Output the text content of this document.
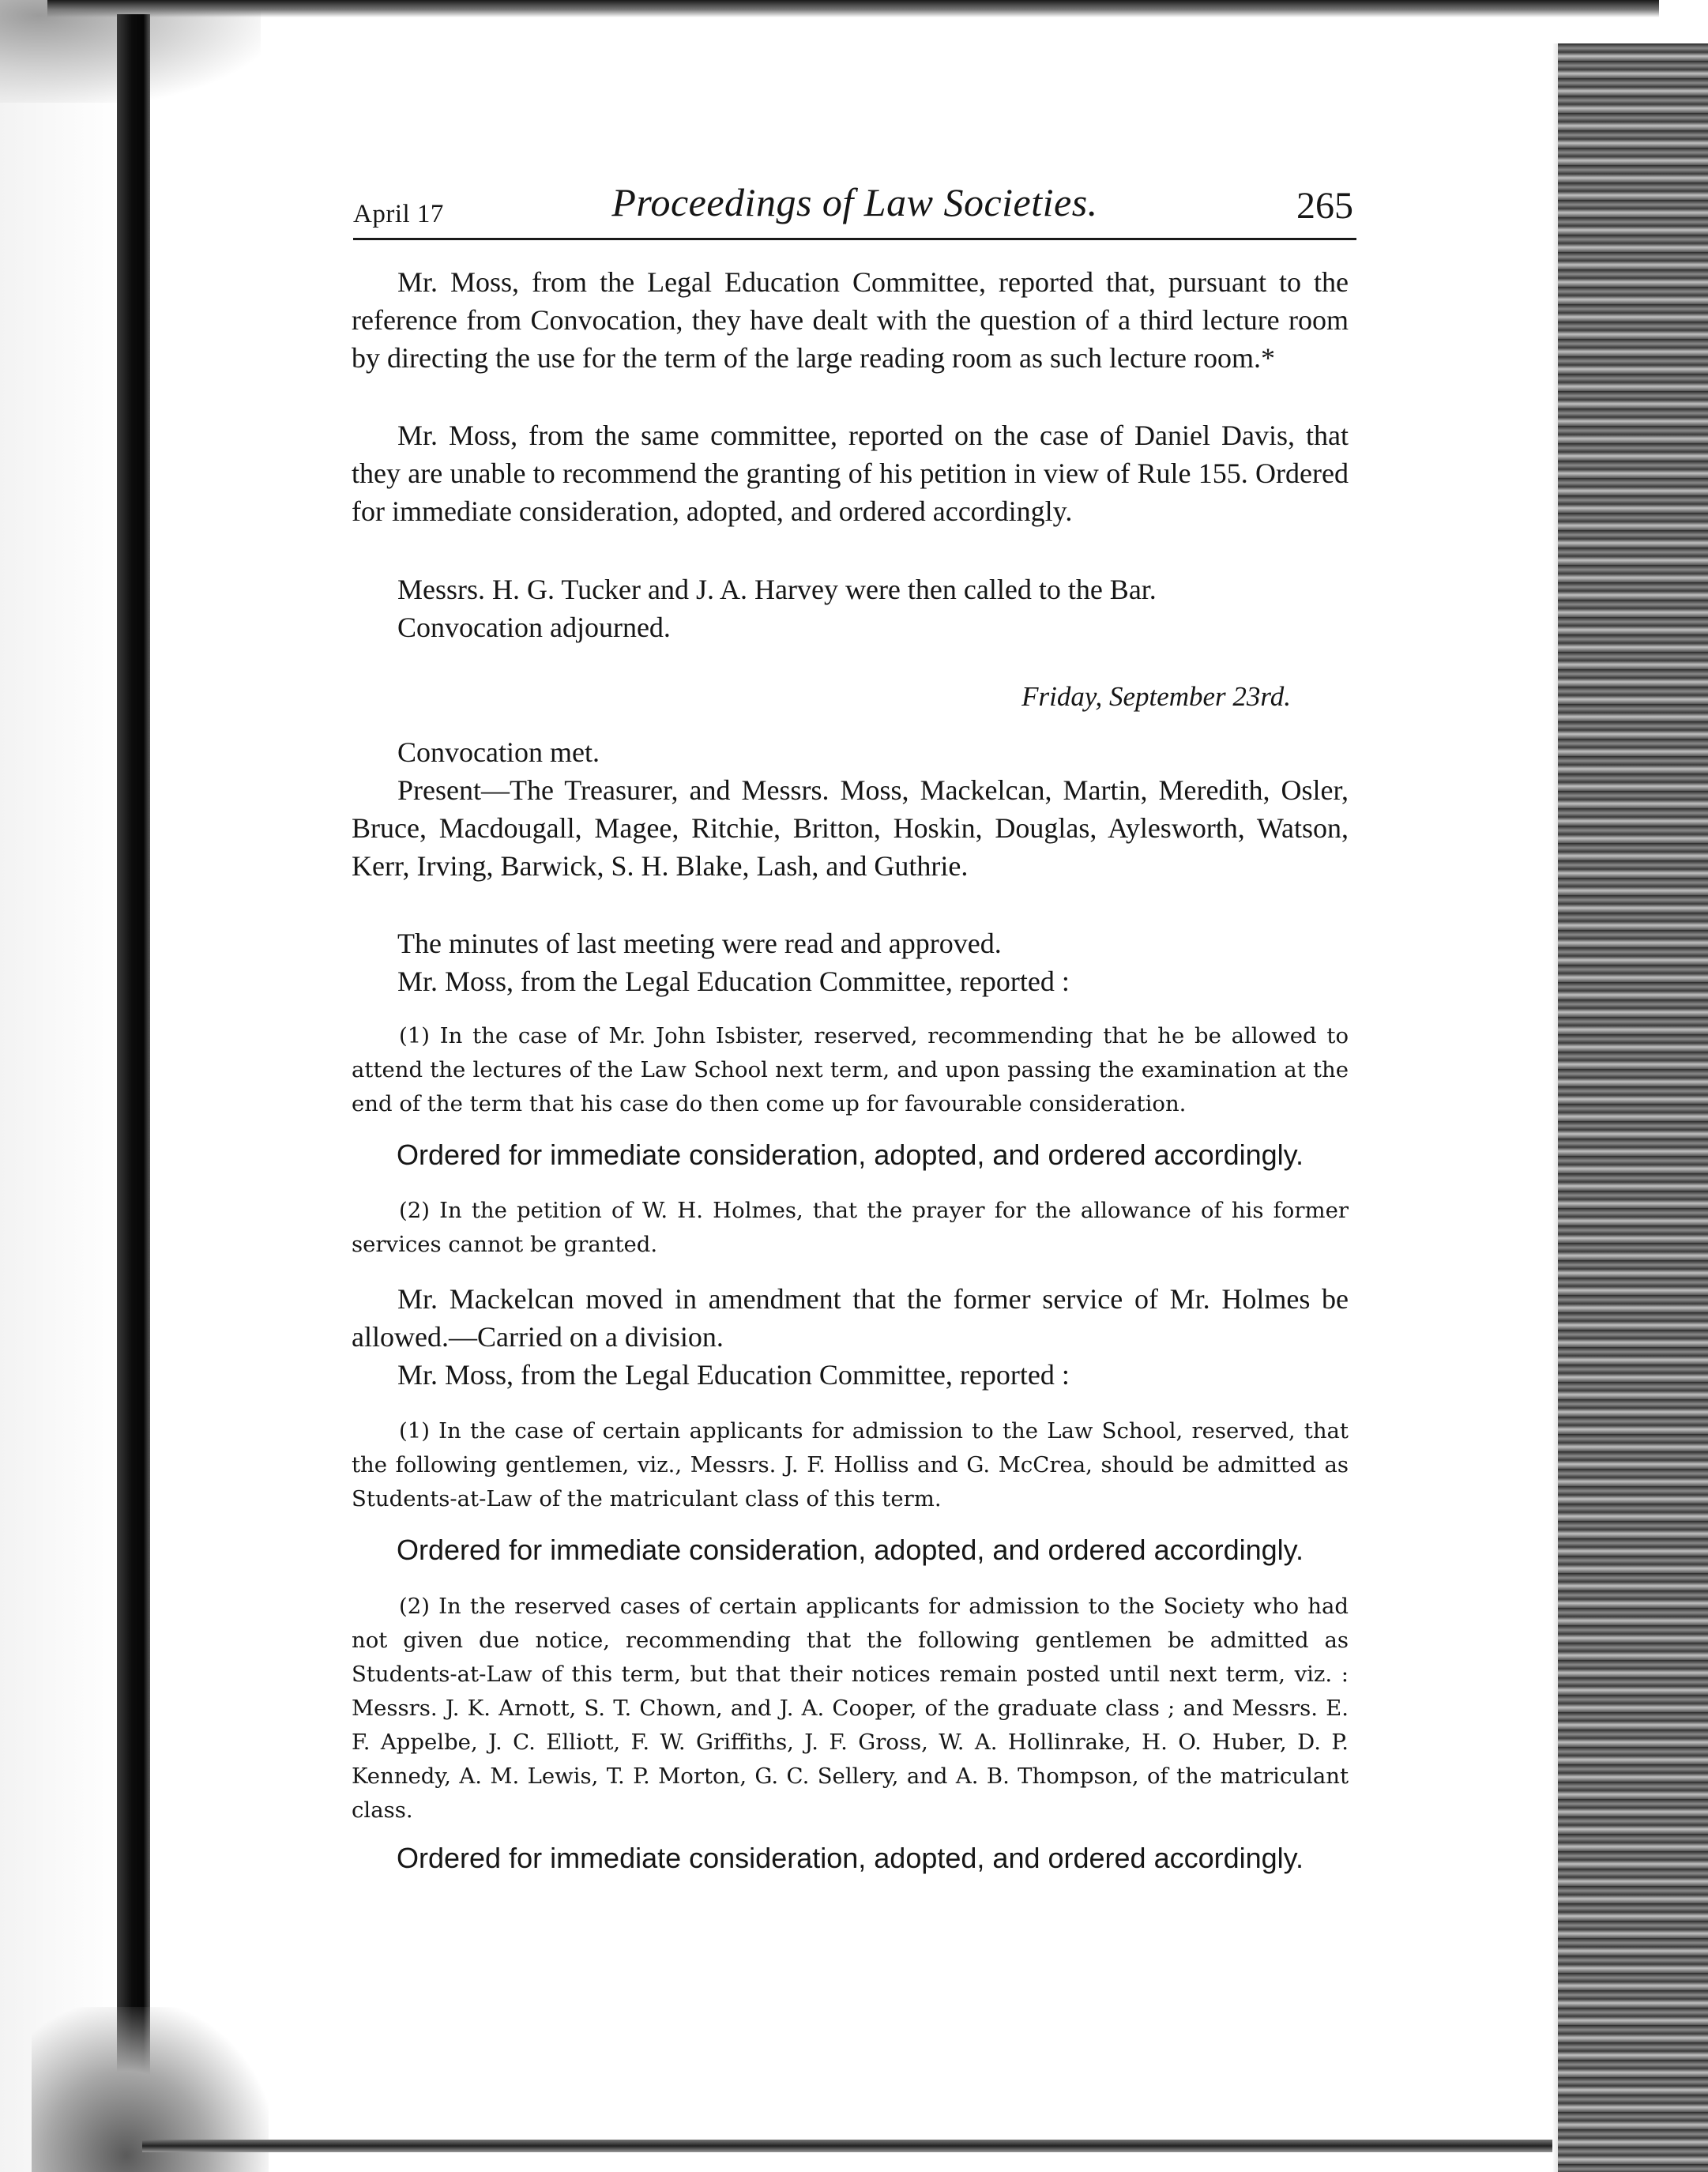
April 17	Proceedings of Law Societies.	265

Mr. Moss, from the Legal Education Committee, reported that, pursuant to the reference from Convocation, they have dealt with the question of a third lecture room by directing the use for the term of the large reading room as such lecture room.*

Mr. Moss, from the same committee, reported on the case of Daniel Davis, that they are unable to recommend the granting of his petition in view of Rule 155. Ordered for immediate consideration, adopted, and ordered accordingly.

Messrs. H. G. Tucker and J. A. Harvey were then called to the Bar.

Convocation adjourned.

Friday, September 23rd.

Convocation met.

Present—The Treasurer, and Messrs. Moss, Mackelcan, Martin, Meredith, Osler, Bruce, Macdougall, Magee, Ritchie, Britton, Hoskin, Douglas, Aylesworth, Watson, Kerr, Irving, Barwick, S. H. Blake, Lash, and Guthrie.

The minutes of last meeting were read and approved.

Mr. Moss, from the Legal Education Committee, reported :

(1) In the case of Mr. John Isbister, reserved, recommending that he be allowed to attend the lectures of the Law School next term, and upon passing the examination at the end of the term that his case do then come up for favourable consideration.

Ordered for immediate consideration, adopted, and ordered accordingly.

(2) In the petition of W. H. Holmes, that the prayer for the allowance of his former services cannot be granted.

Mr. Mackelcan moved in amendment that the former service of Mr. Holmes be allowed.—Carried on a division.

Mr. Moss, from the Legal Education Committee, reported :

(1) In the case of certain applicants for admission to the Law School, reserved, that the following gentlemen, viz., Messrs. J. F. Holliss and G. McCrea, should be admitted as Students-at-Law of the matriculant class of this term.

Ordered for immediate consideration, adopted, and ordered accordingly.

(2) In the reserved cases of certain applicants for admission to the Society who had not given due notice, recommending that the following gentlemen be admitted as Students-at-Law of this term, but that their notices remain posted until next term, viz. : Messrs. J. K. Arnott, S. T. Chown, and J. A. Cooper, of the graduate class ; and Messrs. E. F. Appelbe, J. C. Elliott, F. W. Griffiths, J. F. Gross, W. A. Hollinrake, H. O. Huber, D. P. Kennedy, A. M. Lewis, T. P. Morton, G. C. Sellery, and A. B. Thompson, of the matriculant class.

Ordered for immediate consideration, adopted, and ordered accordingly.
